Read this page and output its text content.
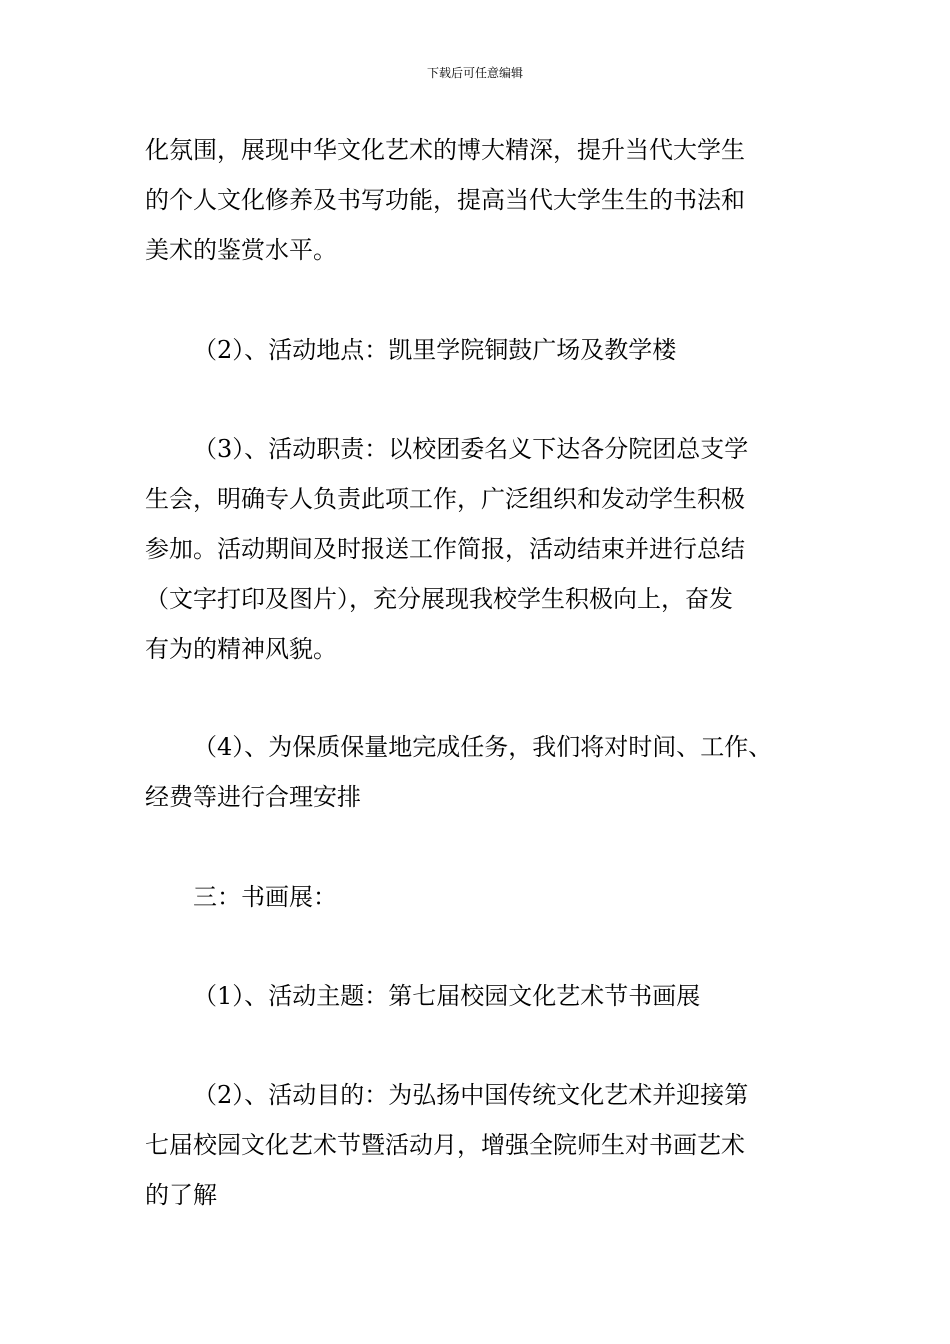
下载后可任意编辑
化氛围，展现中华文化艺术的博大精深，提升当代大学生
的个人文化修养及书写功能，提高当代大学生生的书法和
美术的鉴赏水平。
（2）、活动地点：凯里学院铜鼓广场及教学楼
（3）、活动职责：以校团委名义下达各分院团总支学
生会，明确专人负责此项工作，广泛组织和发动学生积极
参加。活动期间及时报送工作简报，活动结束并进行总结
（文字打印及图片），充分展现我校学生积极向上，奋发
有为的精神风貌。
（4）、为保质保量地完成任务，我们将对时间、工作、
经费等进行合理安排
三：书画展：
（1）、活动主题：第七届校园文化艺术节书画展
（2）、活动目的：为弘扬中国传统文化艺术并迎接第
七届校园文化艺术节暨活动月，增强全院师生对书画艺术
的了解
